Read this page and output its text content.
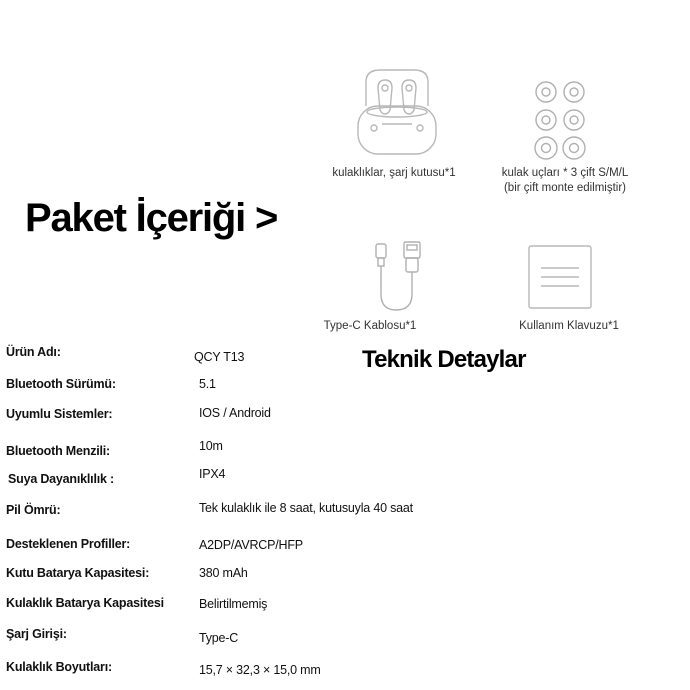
Paket İçeriği >
kulaklıklar, şarj kutusu*1	kulak uçları * 3 çift S/M/L
(bir çift monte edilmiştir)
Type-C Kablosu*1	Kullanım Klavuzu*1
Teknik Detaylar
Ürün Adı:	QCY T13
Bluetooth Sürümü:	5.1
Uyumlu Sistemler:	IOS / Android
Bluetooth Menzili:	10m
Suya Dayanıklılık :	IPX4
Pil Ömrü:	Tek kulaklık ile 8 saat, kutusuyla 40 saat
Desteklenen Profiller:	A2DP/AVRCP/HFP
Kutu Batarya Kapasitesi:	380 mAh
Kulaklık Batarya Kapasitesi	Belirtilmemiş
Şarj Girişi:	Type-C
Kulaklık Boyutları:	15,7 × 32,3 × 15,0 mm
